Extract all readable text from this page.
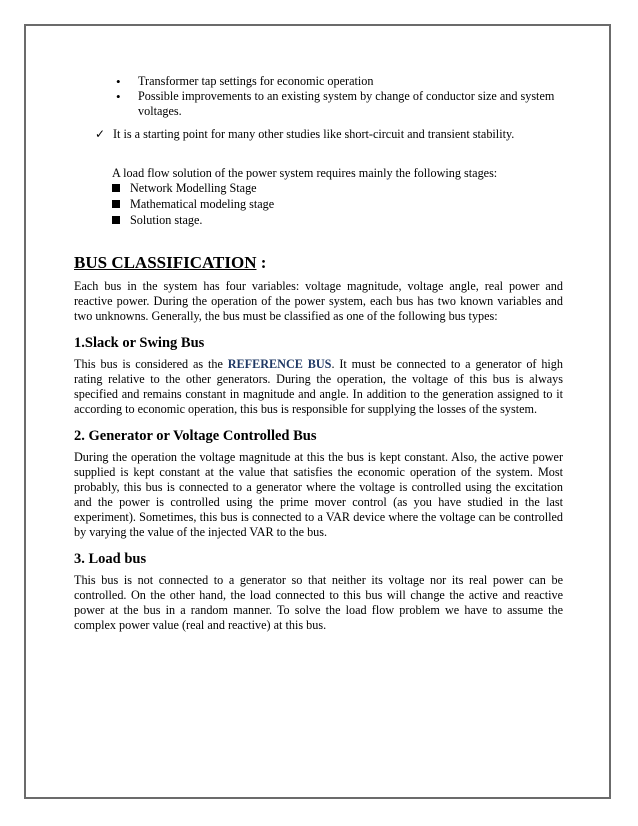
•	Transformer tap settings for economic operation
•	Possible improvements to an existing system by change of conductor size and system voltages.
✓ It is a starting point for many other studies like short-circuit and transient stability.
A load flow solution of the power system requires mainly the following stages:
Network Modelling Stage
Mathematical modeling stage
Solution stage.
BUS CLASSIFICATION :

Each bus in the system has four variables: voltage magnitude, voltage angle, real power and reactive power. During the operation of the power system, each bus has two known variables and two unknowns. Generally, the bus must be classified as one of the following bus types:

1.Slack or Swing Bus

This bus is considered as the REFERENCE BUS. It must be connected to a generator of high rating relative to the other generators. During the operation, the voltage of this bus is always specified and remains constant in magnitude and angle. In addition to the generation assigned to it according to economic operation, this bus is responsible for supplying the losses of the system.

2. Generator or Voltage Controlled Bus

During the operation the voltage magnitude at this the bus is kept constant. Also, the active power supplied is kept constant at the value that satisfies the economic operation of the system. Most probably, this bus is connected to a generator where the voltage is controlled using the excitation and the power is controlled using the prime mover control (as you have studied in the last experiment). Sometimes, this bus is connected to a VAR device where the voltage can be controlled by varying the value of the injected VAR to the bus.

3. Load bus

This bus is not connected to a generator so that neither its voltage nor its real power can be controlled. On the other hand, the load connected to this bus will change the active and reactive power at the bus in a random manner. To solve the load flow problem we have to assume the complex power value (real and reactive) at this bus.
